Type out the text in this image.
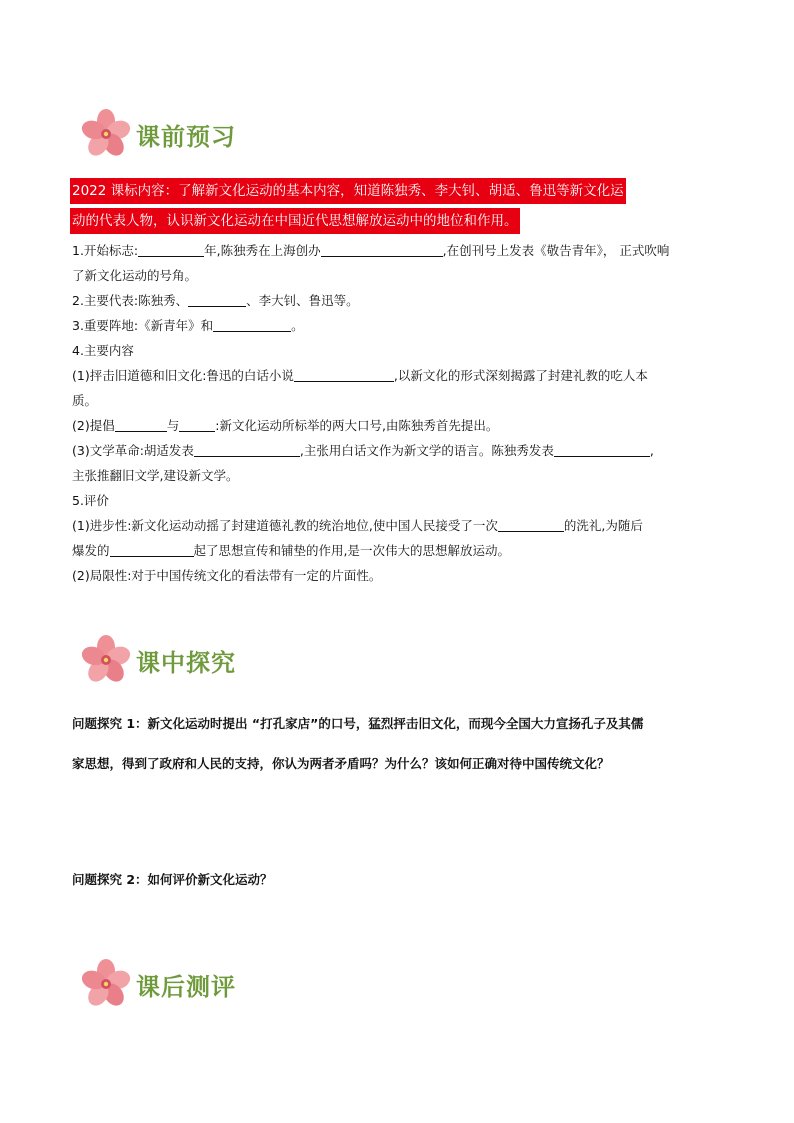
课前预习
2022 课标内容：了解新文化运动的基本内容，知道陈独秀、李大钊、胡适、鲁迅等新文化运
动的代表人物，认识新文化运动在中国近代思想解放运动中的地位和作用。

1.开始标志:	年,陈独秀在上海创办	,在创刊号上发表《敬告青年》， 正式吹响

了新文化运动的号角。

2.主要代表:陈独秀、	、李大钊、鲁迅等。

3.重要阵地:《新青年》和	。

4.主要内容

(1)抨击旧道德和旧文化:鲁迅的白话小说	,以新文化的形式深刻揭露了封建礼教的吃人本

质。

(2)提倡	与	:新文化运动所标举的两大口号,由陈独秀首先提出。

(3)文学革命:胡适发表	,主张用白话文作为新文学的语言。陈独秀发表	,

主张推翻旧文学,建设新文学。

5.评价

(1)进步性:新文化运动动摇了封建道德礼教的统治地位,使中国人民接受了一次	的洗礼,为随后

爆发的	起了思想宣传和铺垫的作用,是一次伟大的思想解放运动。

(2)局限性:对于中国传统文化的看法带有一定的片面性。

课中探究
问题探究 1：新文化运动时提出 “打孔家店”的口号，猛烈抨击旧文化，而现今全国大力宣扬孔子及其儒
家思想，得到了政府和人民的支持，你认为两者矛盾吗？为什么？该如何正确对待中国传统文化？
问题探究 2：如何评价新文化运动？
课后测评
